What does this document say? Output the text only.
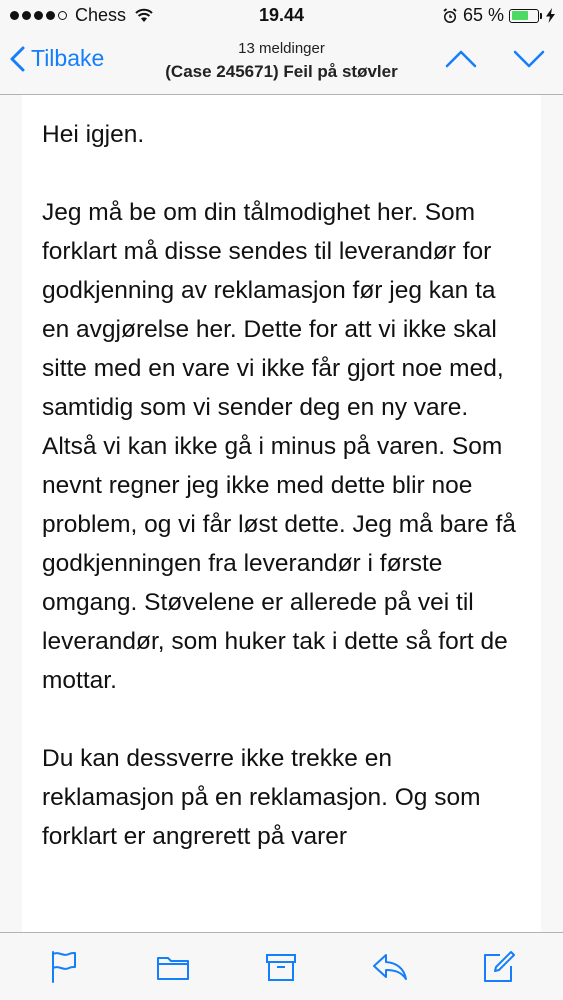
Chess	19.44	65 %
Tilbake	13 meldinger
(Case 245671) Feil på støvler

Hei igjen.

Jeg må be om din tålmodighet her. Som forklart må disse sendes til leverandør for godkjenning av reklamasjon før jeg kan ta en avgjørelse her. Dette for att vi ikke skal sitte med en vare vi ikke får gjort noe med, samtidig som vi sender deg en ny vare. Altså vi kan ikke gå i minus på varen. Som nevnt regner jeg ikke med dette blir noe problem, og vi får løst dette. Jeg må bare få godkjenningen fra leverandør i første omgang. Støvelene er allerede på vei til leverandør, som huker tak i dette så fort de mottar.

Du kan dessverre ikke trekke en reklamasjon på en reklamasjon. Og som forklart er angrerett på varer
